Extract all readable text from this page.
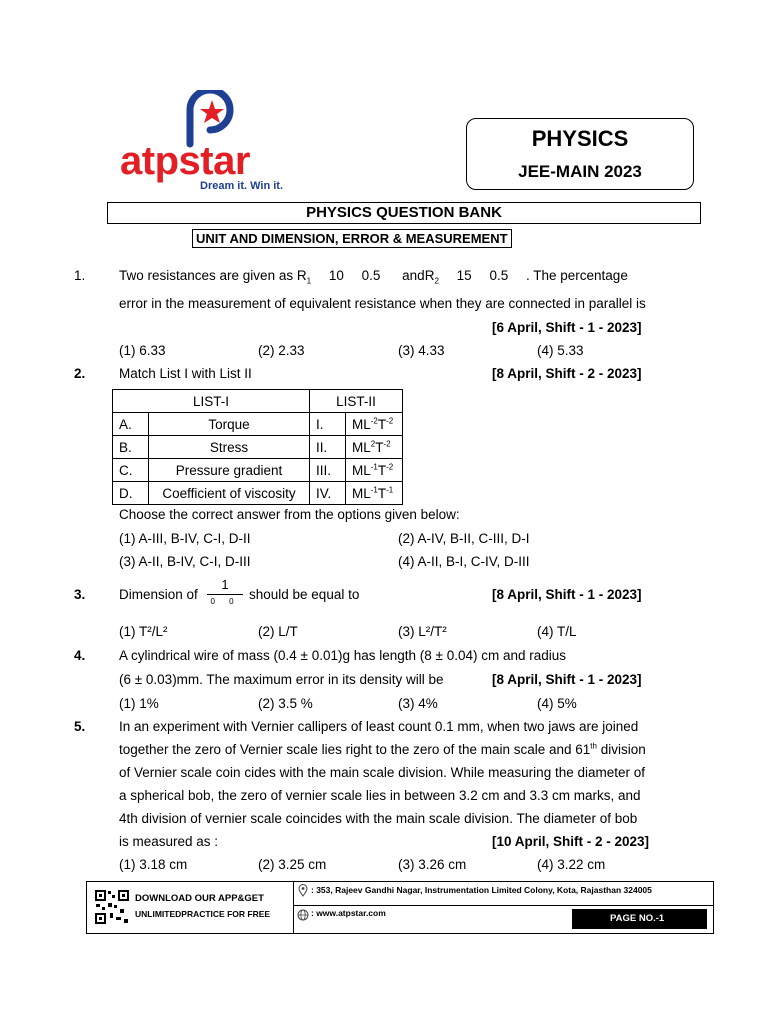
atpstar
Dream it. Win it.
PHYSICS
JEE-MAIN 2023
PHYSICS QUESTION BANK
UNIT AND DIMENSION, ERROR & MEASUREMENT
1. Two resistances are given as $R_1$ 10 0.5 andR$_2$ 15 0.5 . The percentage
error in the measurement of equivalent resistance when they are connected in parallel is
[6 April, Shift - 1 - 2023]
(1) 6.33	(2) 2.33	(3) 4.33	(4) 5.33
2. Match List I with List II	[8 April, Shift - 2 - 2023]
LIST-I		LIST-II	
A.	Torque	I.	$ML^{-2}T^{-2}$
B.	Stress	II.	$ML^2T^{-2}$
C.	Pressure gradient	III.	$ML^{-1}T^{-2}$
D.	Coefficient of viscosity	IV.	$ML^{-1}T^{-1}$
Choose the correct answer from the options given below:
(1) A-III, B-IV, C-I, D-II	(2) A-IV, B-II, C-III, D-I
(3) A-II, B-IV, C-I, D-III	(4) A-II, B-I, C-IV, D-III
3. Dimension of $\frac{1}{0 0}$ should be equal to	[8 April, Shift - 1 - 2023]
(1) T²/L²	(2) L/T	(3) L²/T²	(4) T/L
4. A cylindrical wire of mass (0.4 ± 0.01)g has length (8 ± 0.04) cm and radius
(6 ± 0.03)mm. The maximum error in its density will be	[8 April, Shift - 1 - 2023]
(1) 1%	(2) 3.5 %	(3) 4%	(4) 5%
5. In an experiment with Vernier callipers of least count 0.1 mm, when two jaws are joined
together the zero of Vernier scale lies right to the zero of the main scale and 61th division
of Vernier scale coin cides with the main scale division. While measuring the diameter of
a spherical bob, the zero of vernier scale lies in between 3.2 cm and 3.3 cm marks, and
4th division of vernier scale coincides with the main scale division. The diameter of bob
is measured as :	[10 April, Shift - 2 - 2023]
(1) 3.18 cm	(2) 3.25 cm	(3) 3.26 cm	(4) 3.22 cm
DOWNLOAD OUR APP&GET
UNLIMITEDPRACTICE FOR FREE
: 353, Rajeev Gandhi Nagar, Instrumentation Limited Colony, Kota, Rajasthan 324005
: www.atpstar.com	PAGE NO.-1
